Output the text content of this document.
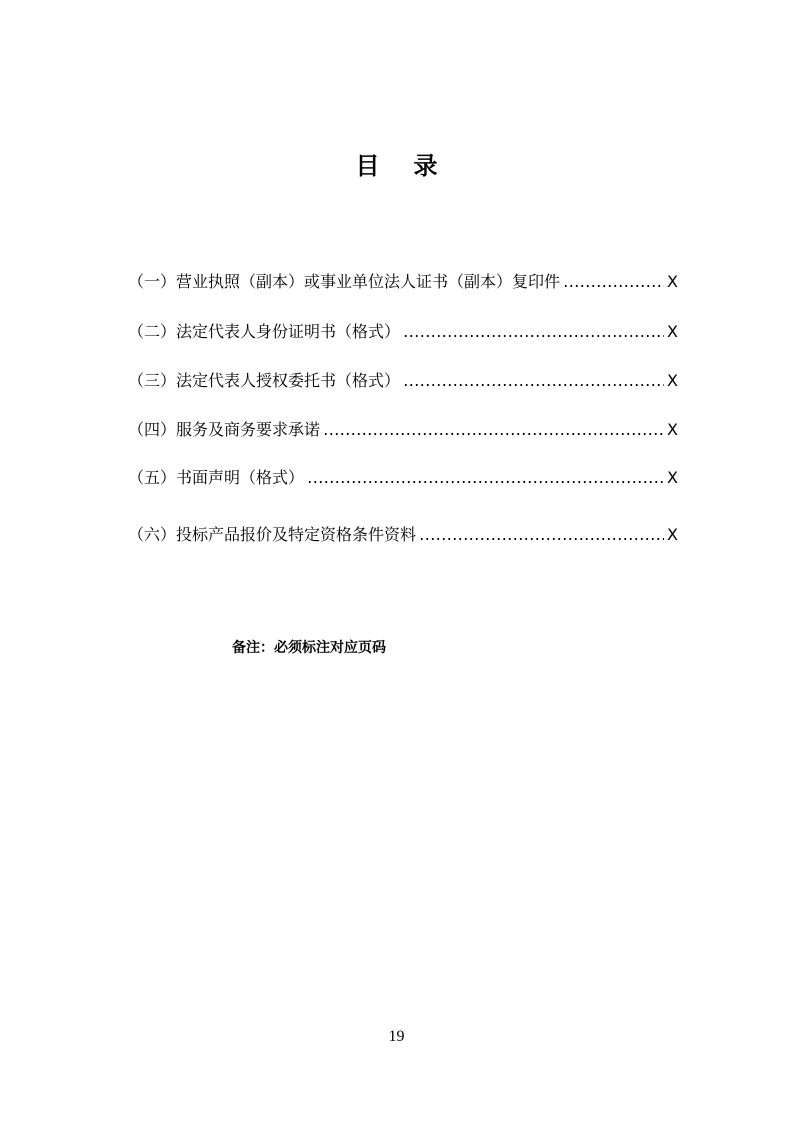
目录
（一）营业执照（副本）或事业单位法人证书（副本）复印件	X
（二）法定代表人身份证明书（格式）	X
（三）法定代表人授权委托书（格式）	X
（四）服务及商务要求承诺	X
（五）书面声明（格式）	X
（六）投标产品报价及特定资格条件资料	X
备注：必须标注对应页码
19
